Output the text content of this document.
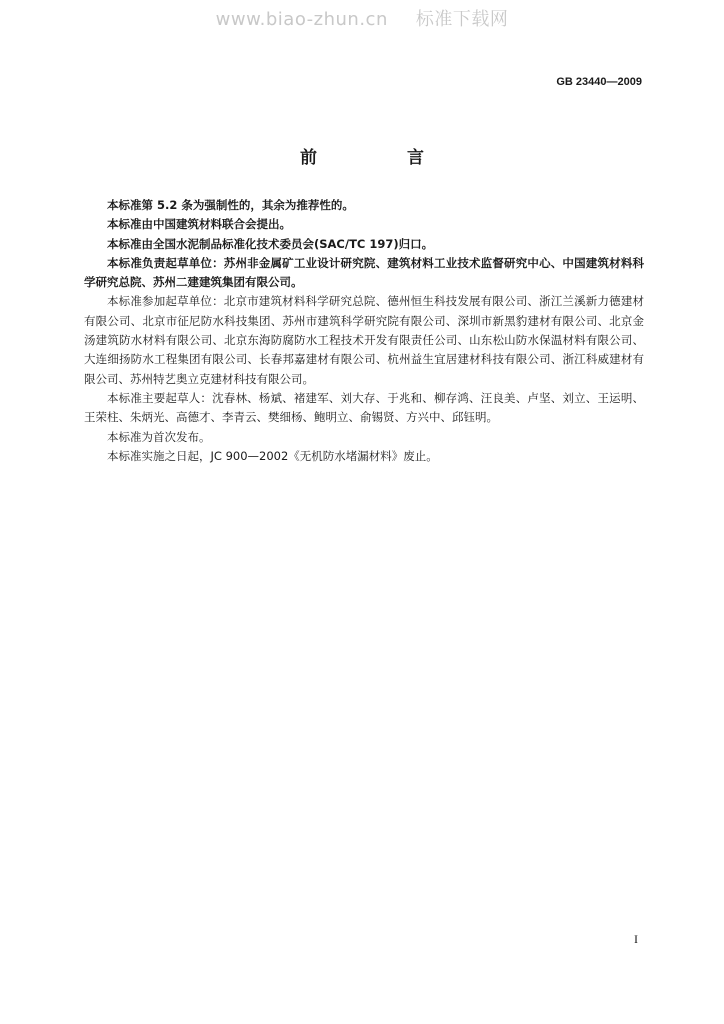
www.biao-zhun.cn 标准下载网
GB 23440—2009
前 言

本标准第 5.2 条为强制性的，其余为推荐性的。

本标准由中国建筑材料联合会提出。

本标准由全国水泥制品标准化技术委员会(SAC/TC 197)归口。

本标准负责起草单位：苏州非金属矿工业设计研究院、建筑材料工业技术监督研究中心、中国建筑材料科学研究总院、苏州二建建筑集团有限公司。

本标准参加起草单位：北京市建筑材料科学研究总院、德州恒生科技发展有限公司、浙江兰溪新力德建材有限公司、北京市征尼防水科技集团、苏州市建筑科学研究院有限公司、深圳市新黑豹建材有限公司、北京金汤建筑防水材料有限公司、北京东海防腐防水工程技术开发有限责任公司、山东松山防水保温材料有限公司、大连细扬防水工程集团有限公司、长春邦嘉建材有限公司、杭州益生宜居建材科技有限公司、浙江科威建材有限公司、苏州特艺奥立克建材科技有限公司。

本标准主要起草人：沈春林、杨斌、褚建军、刘大存、于兆和、柳存鸿、汪良美、卢坚、刘立、王运明、王荣柱、朱炳光、高德才、李青云、樊细杨、鲍明立、俞锡贤、方兴中、邱钰明。

本标准为首次发布。

本标准实施之日起，JC 900—2002《无机防水堵漏材料》废止。

I
